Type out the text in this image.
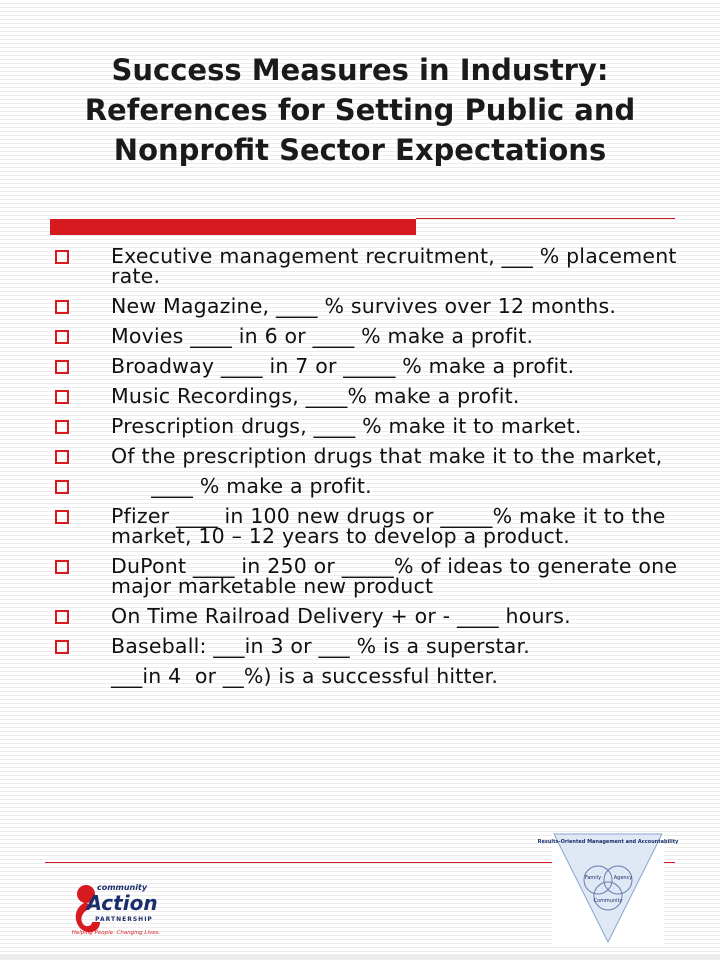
Success Measures in Industry:
References for Setting Public and
Nonprofit Sector Expectations
Executive management recruitment, ___ % placement rate.
New Magazine, ____ % survives over 12 months.
Movies ____ in 6 or ____ % make a profit.
Broadway ____ in 7 or _____ % make a profit.
Music Recordings, ____% make a profit.
Prescription drugs, ____ % make it to market.
Of the prescription drugs that make it to the market,
____ % make a profit.
Pfizer ____ in 100 new drugs or _____% make it to the market, 10 – 12 years to develop a product.
DuPont ____ in 250 or _____% of ideas to generate one major marketable new product
On Time Railroad Delivery + or - ____ hours.
Baseball: ___in 3 or ___ % is a superstar.
___in 4  or __%) is a successful hitter.
community
Action
PARTNERSHIP
Helping People. Changing Lives.
Results-Oriented Management and Accountability
Family	Agency
Community
